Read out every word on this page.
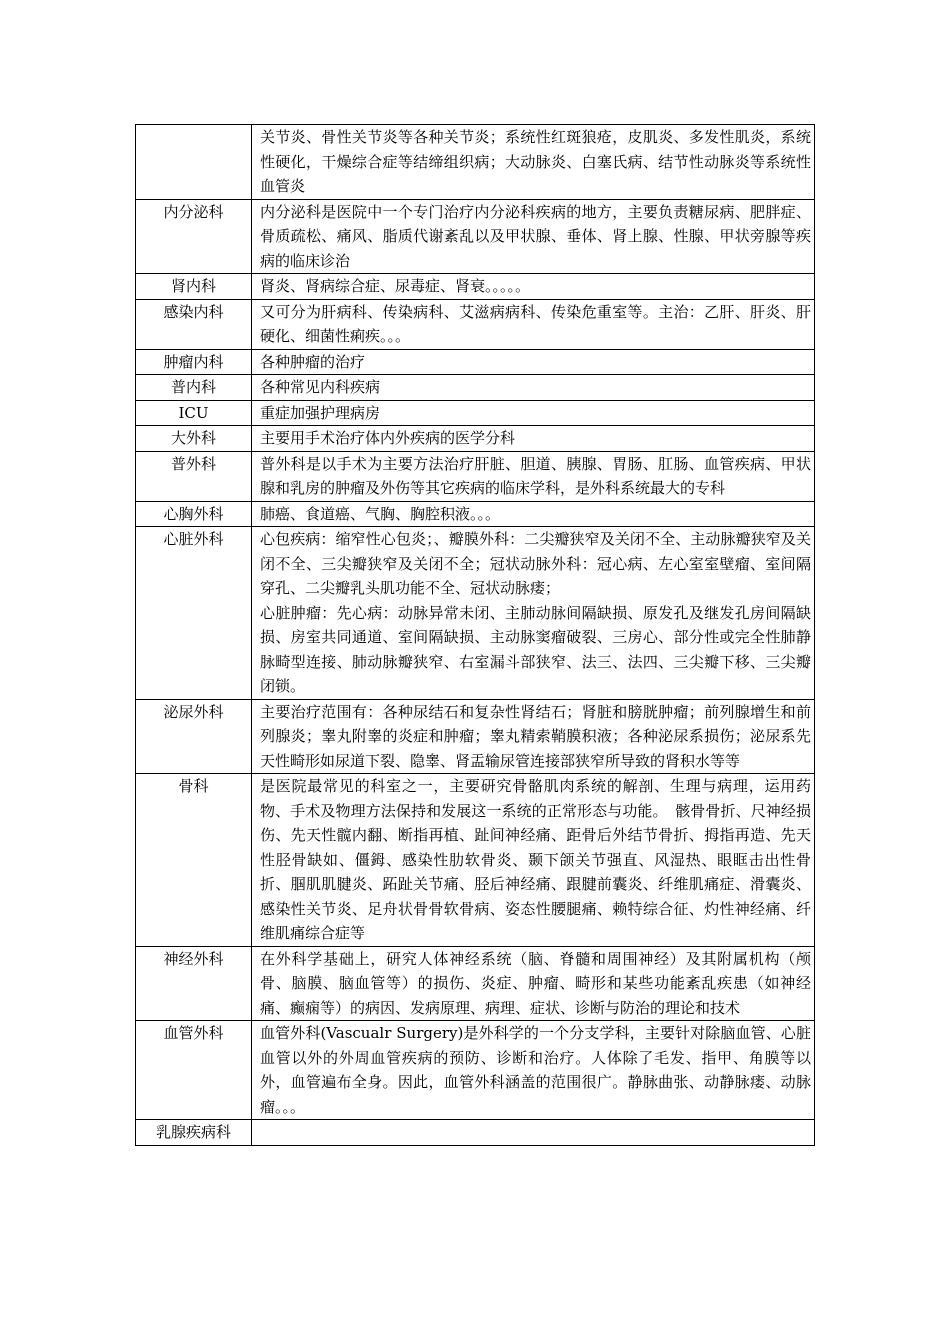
	关节炎、骨性关节炎等各种关节炎；系统性红斑狼疮，皮肌炎、多发性肌炎，系统性硬化，干燥综合症等结缔组织病；大动脉炎、白塞氏病、结节性动脉炎等系统性血管炎

内分泌科	内分泌科是医院中一个专门治疗内分泌科疾病的地方，主要负责糖尿病、肥胖症、骨质疏松、痛风、脂质代谢紊乱以及甲状腺、垂体、肾上腺、性腺、甲状旁腺等疾病的临床诊治

肾内科	肾炎、肾病综合症、尿毒症、肾衰。。。。。

感染内科	又可分为肝病科、传染病科、艾滋病病科、传染危重室等。主治：乙肝、肝炎、肝硬化、细菌性痢疾。。。

肿瘤内科	各种肿瘤的治疗

普内科	各种常见内科疾病

ICU	重症加强护理病房

大外科	主要用手术治疗体内外疾病的医学分科

普外科	普外科是以手术为主要方法治疗肝脏、胆道、胰腺、胃肠、肛肠、血管疾病、甲状腺和乳房的肿瘤及外伤等其它疾病的临床学科，是外科系统最大的专科

心胸外科	肺癌、食道癌、气胸、胸腔积液。。。

心脏外科	心包疾病：缩窄性心包炎；、瓣膜外科：二尖瓣狭窄及关闭不全、主动脉瓣狭窄及关闭不全、三尖瓣狭窄及关闭不全；冠状动脉外科：冠心病、左心室室壁瘤、室间隔穿孔、二尖瓣乳头肌功能不全、冠状动脉瘘；
心脏肿瘤：先心病：动脉异常未闭、主肺动脉间隔缺损、原发孔及继发孔房间隔缺损、房室共同通道、室间隔缺损、主动脉窦瘤破裂、三房心、部分性或完全性肺静脉畸型连接、肺动脉瓣狭窄、右室漏斗部狭窄、法三、法四、三尖瓣下移、三尖瓣闭锁。

泌尿外科	主要治疗范围有：各种尿结石和复杂性肾结石；肾脏和膀胱肿瘤；前列腺增生和前列腺炎；睾丸附睾的炎症和肿瘤；睾丸精索鞘膜积液；各种泌尿系损伤；泌尿系先天性畸形如尿道下裂、隐睾、肾盂输尿管连接部狭窄所导致的肾积水等等

骨科	是医院最常见的科室之一，主要研究骨骼肌肉系统的解剖、生理与病理，运用药物、手术及物理方法保持和发展这一系统的正常形态与功能。　骸骨骨折、尺神经损伤、先天性髋内翻、断指再植、趾间神经痛、距骨后外结节骨折、拇指再造、先天性胫骨缺如、僵鉧、感染性肋软骨炎、颞下颌关节强直、风湿热、眼眶击出性骨折、腘肌肌腱炎、跖趾关节痛、胫后神经痛、跟腱前囊炎、纤维肌痛症、滑囊炎、感染性关节炎、足舟状骨骨软骨病、姿态性腰腿痛、赖特综合征、灼性神经痛、纤维肌痛综合症等

神经外科	在外科学基础上，研究人体神经系统（脑、脊髓和周围神经）及其附属机构（颅骨、脑膜、脑血管等）的损伤、炎症、肿瘤、畸形和某些功能紊乱疾患（如神经痛、癫痫等）的病因、发病原理、病理、症状、诊断与防治的理论和技术

血管外科	血管外科(Vascualr Surgery)是外科学的一个分支学科，主要针对除脑血管、心脏血管以外的外周血管疾病的预防、诊断和治疗。人体除了毛发、指甲、角膜等以外，血管遍布全身。因此，血管外科涵盖的范围很广。静脉曲张、动静脉瘘、动脉瘤。。。

乳腺疾病科	
